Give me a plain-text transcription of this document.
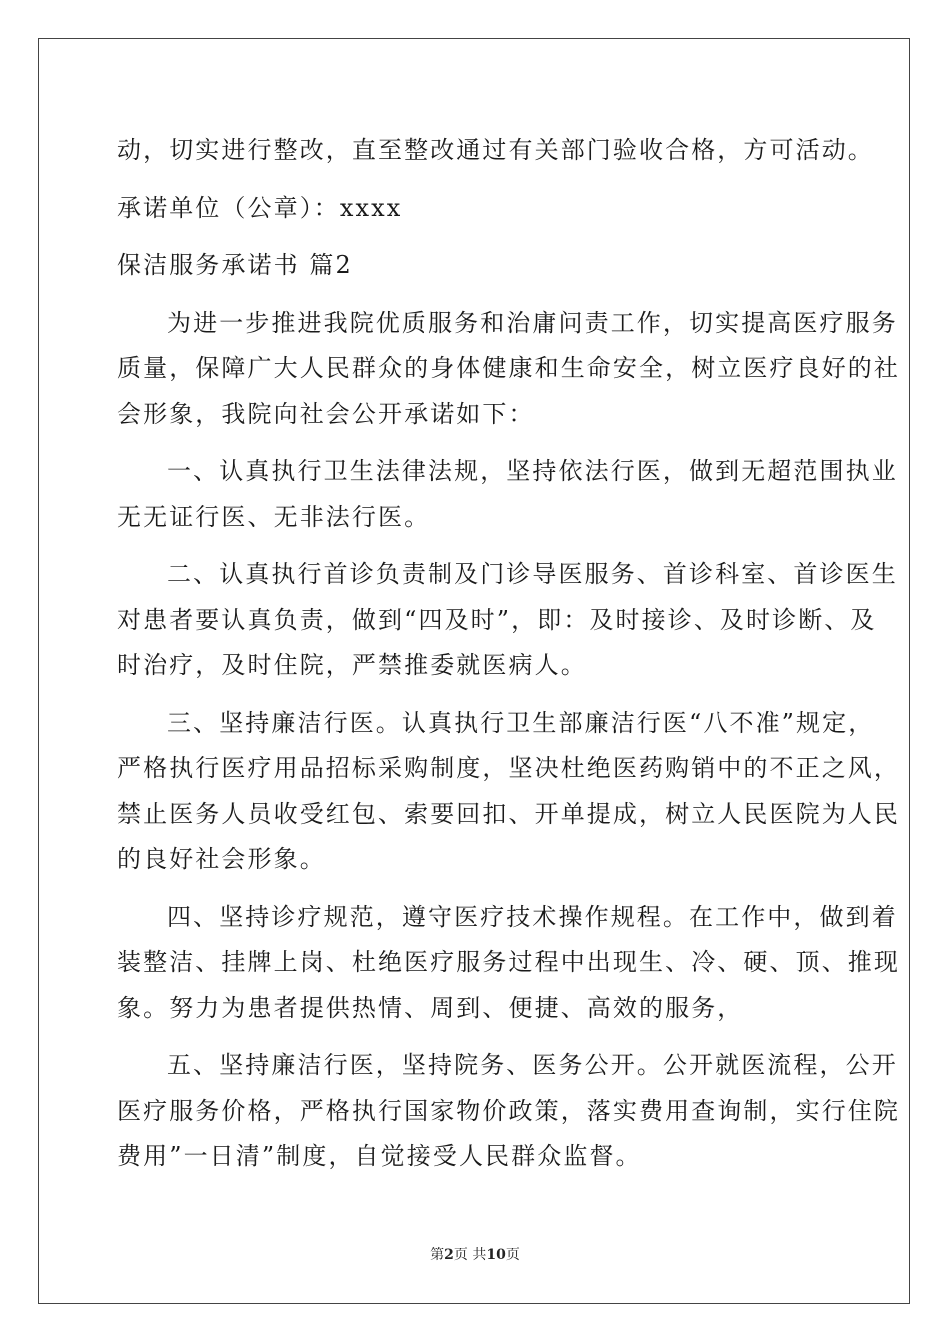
动，切实进行整改，直至整改通过有关部门验收合格，方可活动。
承诺单位（公章）：xxxx
保洁服务承诺书 篇2
为进一步推进我院优质服务和治庸问责工作，切实提高医疗服务
质量，保障广大人民群众的身体健康和生命安全，树立医疗良好的社
会形象，我院向社会公开承诺如下：
一、认真执行卫生法律法规，坚持依法行医，做到无超范围执业
无无证行医、无非法行医。
二、认真执行首诊负责制及门诊导医服务、首诊科室、首诊医生
对患者要认真负责，做到“四及时”，即：及时接诊、及时诊断、及
时治疗，及时住院，严禁推委就医病人。
三、坚持廉洁行医。认真执行卫生部廉洁行医“八不准”规定，
严格执行医疗用品招标采购制度，坚决杜绝医药购销中的不正之风，
禁止医务人员收受红包、索要回扣、开单提成，树立人民医院为人民
的良好社会形象。
四、坚持诊疗规范，遵守医疗技术操作规程。在工作中，做到着
装整洁、挂牌上岗、杜绝医疗服务过程中出现生、冷、硬、顶、推现
象。努力为患者提供热情、周到、便捷、高效的服务，
五、坚持廉洁行医，坚持院务、医务公开。公开就医流程，公开
医疗服务价格，严格执行国家物价政策，落实费用查询制，实行住院
费用”一日清”制度，自觉接受人民群众监督。
第2页 共10页
